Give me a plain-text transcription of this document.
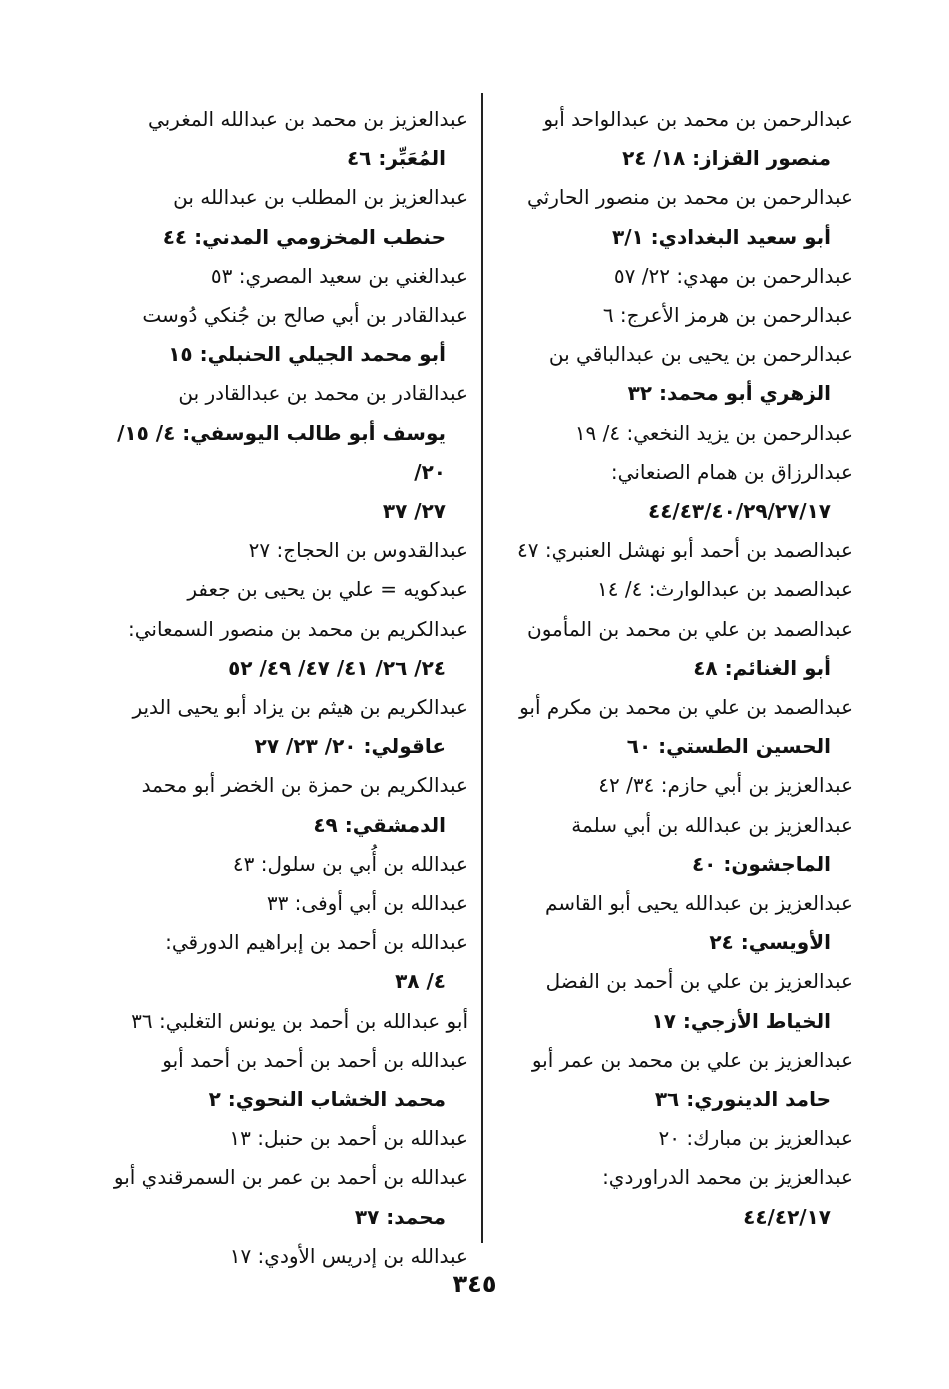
عبدالرحمن بن محمد بن عبدالواحد أبو
منصور القزاز: ١٨/ ٢٤
عبدالرحمن بن محمد بن منصور الحارثي
أبو سعيد البغدادي: ٣/١
عبدالرحمن بن مهدي: ٢٢/ ٥٧
عبدالرحمن بن هرمز الأعرج: ٦
عبدالرحمن بن يحيى بن عبدالباقي بن
الزهري أبو محمد: ٣٢
عبدالرحمن بن يزيد النخعي: ٤/ ١٩
عبدالرزاق بن همام الصنعاني:
٤٤/٤٣/٤٠/٢٩/٢٧/١٧
عبدالصمد بن أحمد أبو نهشل العنبري: ٤٧
عبدالصمد بن عبدالوارث: ٤/ ١٤
عبدالصمد بن علي بن محمد بن المأمون
أبو الغنائم: ٤٨
عبدالصمد بن علي بن محمد بن مكرم أبو
الحسين الطستي: ٦٠
عبدالعزيز بن أبي حازم: ٣٤/ ٤٢
عبدالعزيز بن عبدالله بن أبي سلمة
الماجشون: ٤٠
عبدالعزيز بن عبدالله يحيى أبو القاسم
الأويسي: ٢٤
عبدالعزيز بن علي بن أحمد بن الفضل
الخياط الأزجي: ١٧
عبدالعزيز بن علي بن محمد بن عمر أبو
حامد الدينوري: ٣٦
عبدالعزيز بن مبارك: ٢٠
عبدالعزيز بن محمد الدراوردي:
٤٤/٤٢/١٧
عبدالعزيز بن محمد بن عبدالله المغربي
المُعَبِّر: ٤٦
عبدالعزيز بن المطلب بن عبدالله بن
حنطب المخزومي المدني: ٤٤
عبدالغني بن سعيد المصري: ٥٣
عبدالقادر بن أبي صالح بن جُنكي دُوست
أبو محمد الجيلي الحنبلي: ١٥
عبدالقادر بن محمد بن عبدالقادر بن
يوسف أبو طالب اليوسفي: ٤/ ١٥/ ٢٠/
٢٧/ ٣٧
عبدالقدوس بن الحجاج: ٢٧
عبدكويه = علي بن يحيى بن جعفر
عبدالكريم بن محمد بن منصور السمعاني:
٢٤/ ٢٦/ ٤١/ ٤٧/ ٤٩/ ٥٢
عبدالكريم بن هيثم بن يزاد أبو يحيى الدير
عاقولي: ٢٠/ ٢٣/ ٢٧
عبدالكريم بن حمزة بن الخضر أبو محمد
الدمشقي: ٤٩
عبدالله بن أُبي بن سلول: ٤٣
عبدالله بن أبي أوفى: ٣٣
عبدالله بن أحمد بن إبراهيم الدورقي:
٤/ ٣٨
أبو عبدالله بن أحمد بن يونس التغلبي: ٣٦
عبدالله بن أحمد بن أحمد بن أحمد أبو
محمد الخشاب النحوي: ٢
عبدالله بن أحمد بن حنبل: ١٣
عبدالله بن أحمد بن عمر بن السمرقندي أبو
محمد: ٣٧
عبدالله بن إدريس الأودي: ١٧
٣٤٥
